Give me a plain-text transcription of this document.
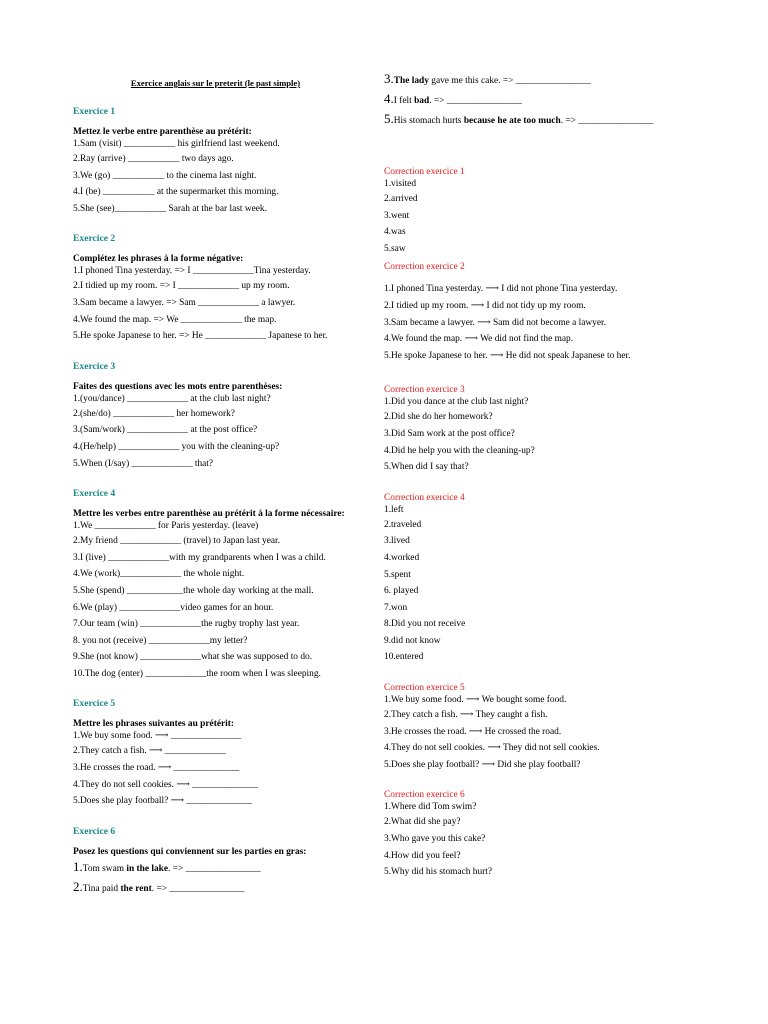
Exercice anglais sur le preterit (le past simple)
Exercice 1
Mettez le verbe entre parenthèse au prétérit:
1.Sam (visit) ___________ his girlfriend last weekend.
2.Ray (arrive) ___________ two days ago.
3.We (go) ___________ to the cinema last night.
4.I (be) ___________ at the supermarket this morning.
5.She (see)___________ Sarah at the bar last week.
Exercice 2
Complétez les phrases à la forme négative:
1.I phoned Tina yesterday. => I _____________Tina yesterday.
2.I tidied up my room. => I _____________ up my room.
3.Sam became a lawyer. => Sam _____________ a lawyer.
4.We found the map. => We _____________ the map.
5.He spoke Japanese to her. => He _____________ Japanese to her.
Exercice 3
Faites des questions avec les mots entre parenthèses:
1.(you/dance) _____________ at the club last night?
2.(she/do) _____________ her homework?
3.(Sam/work) _____________ at the post office?
4.(He/help) _____________ you with the cleaning-up?
5.When (I/say) _____________ that?
Exercice 4
Mettre les verbes entre parenthèse au prétérit à la forme nécessaire:
1.We _____________ for Paris yesterday. (leave)
2.My friend _____________ (travel) to Japan last year.
3.I (live) _____________with my grandparents when I was a child.
4.We (work)_____________ the whole night.
5.She (spend) ____________the whole day working at the mall.
6.We (play) _____________video games for an hour.
7.Our team (win) _____________the rugby trophy last year.
8. you not (receive) _____________my letter?
9.She (not know) _____________what she was supposed to do.
10.The dog (enter) _____________the room when I was sleeping.
Exercice 5
Mettre les phrases suivantes au prétérit:
1.We buy some food. ⟶ _______________
2.They catch a fish. ⟶ _____________
3.He crosses the road. ⟶ ______________
4.They do not sell cookies. ⟶ ______________
5.Does she play football? ⟶ ______________
Exercice 6
Posez les questions qui conviennent sur les parties en gras:
1.Tom swam in the lake. => ________________
2.Tina paid the rent. => ________________
3.The lady gave me this cake. => ________________
4.I felt bad. => ________________
5.His stomach hurts because he ate too much. => ________________
Correction exercice 1
1.visited
2.arrived
3.went
4.was
5.saw
Correction exercice 2
1.I phoned Tina yesterday. ⟶ I did not phone Tina yesterday.
2.I tidied up my room. ⟶ I did not tidy up my room.
3.Sam became a lawyer. ⟶ Sam did not become a lawyer.
4.We found the map. ⟶ We did not find the map.
5.He spoke Japanese to her. ⟶ He did not speak Japanese to her.
Correction exercice 3
1.Did you dance at the club last night?
2.Did she do her homework?
3.Did Sam work at the post office?
4.Did he help you with the cleaning-up?
5.When did I say that?
Correction exercice 4
1.left
2.traveled
3.lived
4.worked
5.spent
6. played
7.won
8.Did you not receive
9.did not know
10.entered
Correction exercice 5
1.We buy some food. ⟶ We bought some food.
2.They catch a fish. ⟶ They caught a fish.
3.He crosses the road. ⟶ He crossed the road.
4.They do not sell cookies. ⟶ They did not sell cookies.
5.Does she play football? ⟶ Did she play football?
Correction exercice 6
1.Where did Tom swim?
2.What did she pay?
3.Who gave you this cake?
4.How did you feel?
5.Why did his stomach hurt?
